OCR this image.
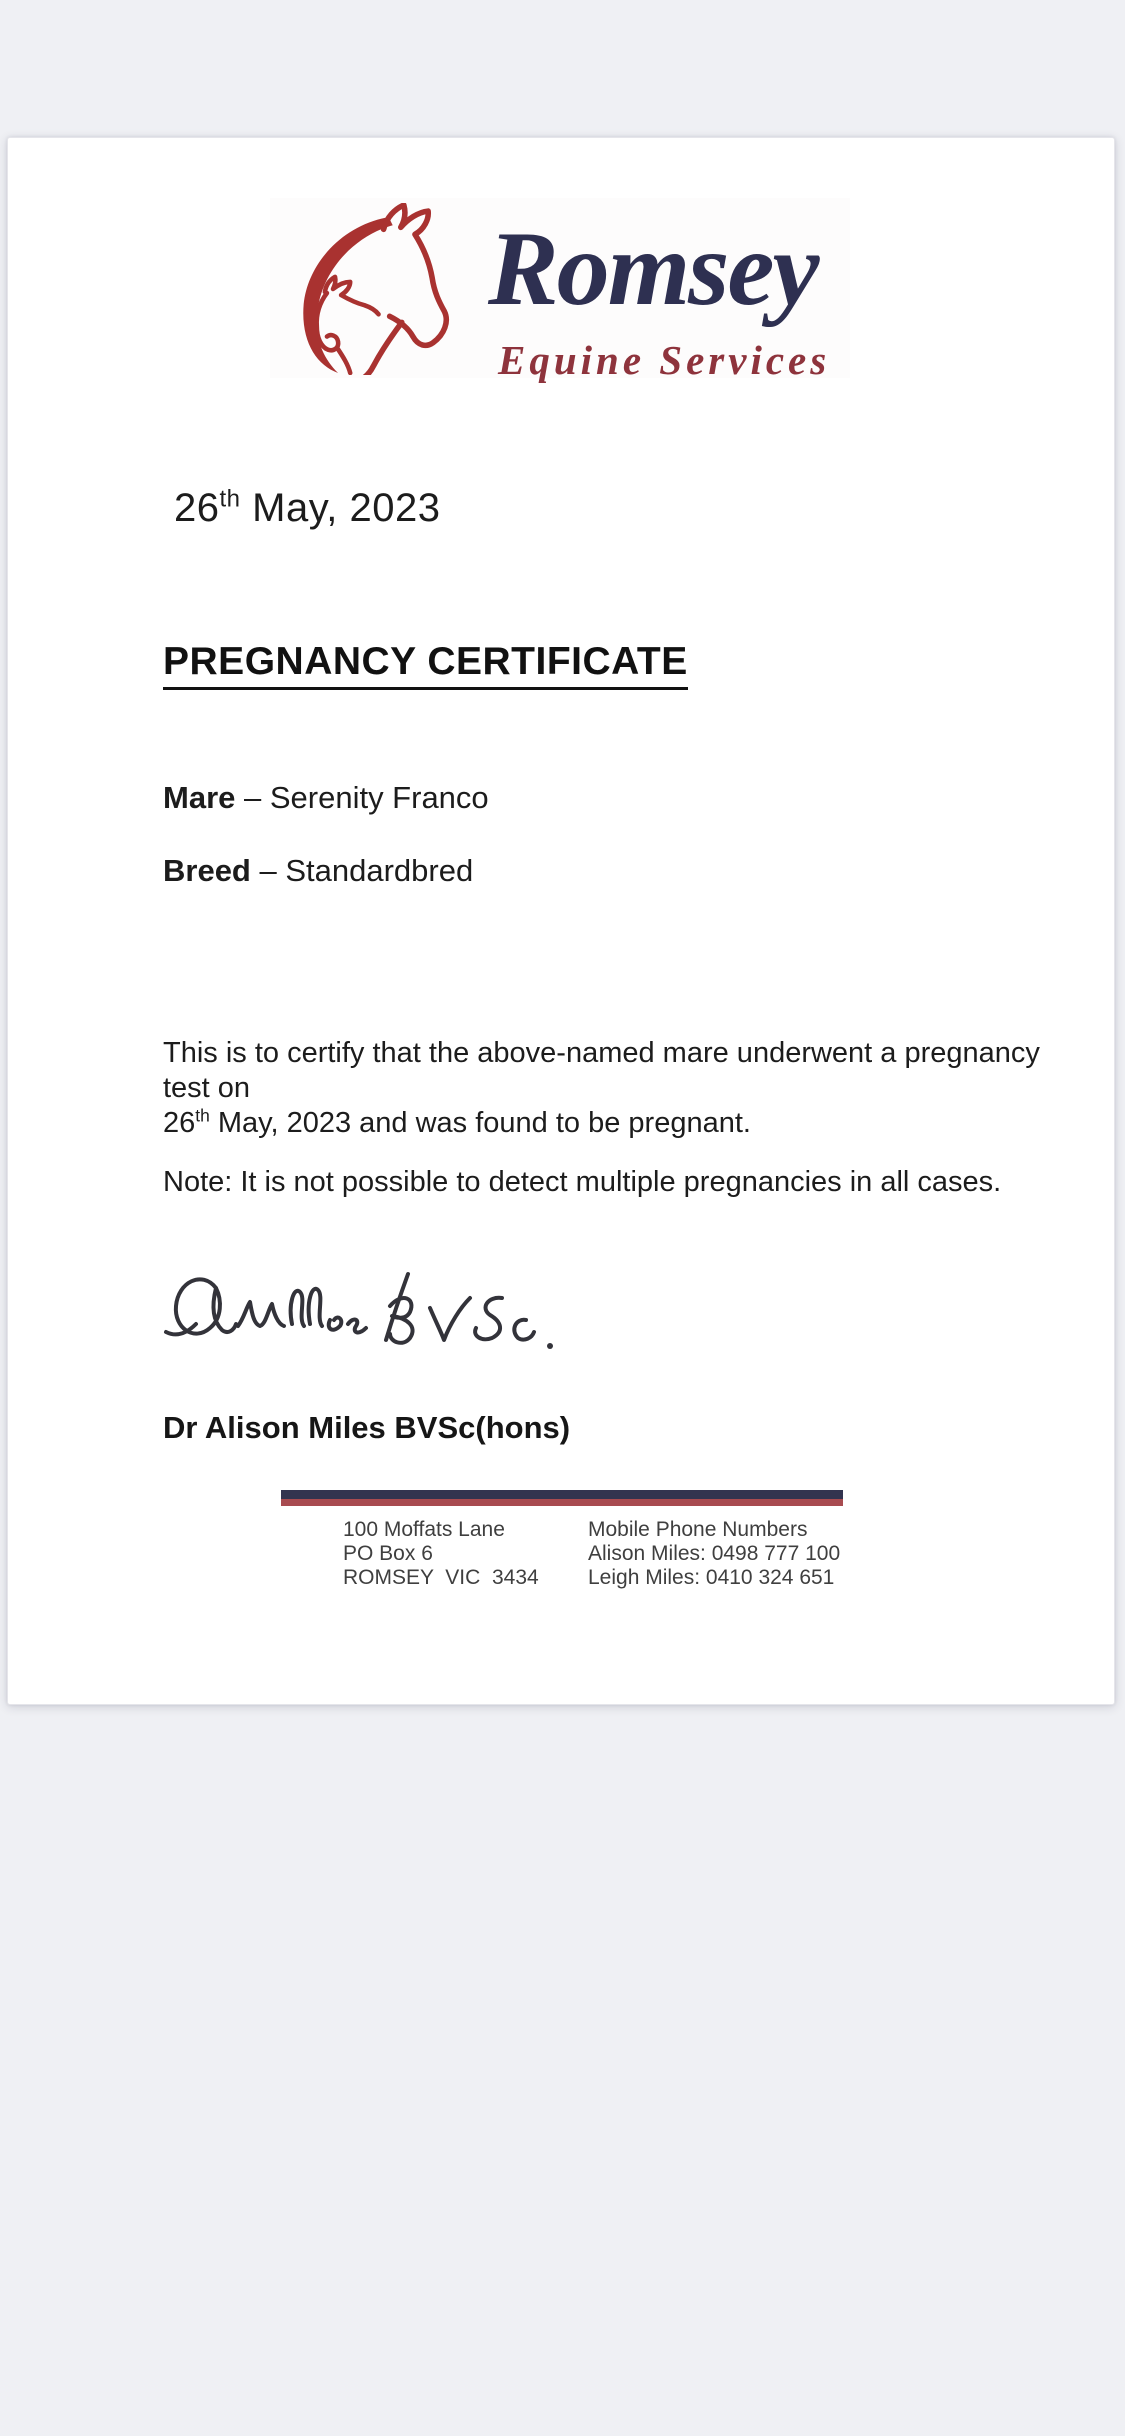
Romsey
Equine Services
26th May, 2023
PREGNANCY CERTIFICATE
Mare – Serenity Franco
Breed – Standardbred
This is to certify that the above-named mare underwent a pregnancy test on
26th May, 2023 and was found to be pregnant.
Note: It is not possible to detect multiple pregnancies in all cases.
Dr Alison Miles BVSc(hons)
100 Moffats Lane
PO Box 6
ROMSEY  VIC  3434
Mobile Phone Numbers
Alison Miles: 0498 777 100
Leigh Miles: 0410 324 651
